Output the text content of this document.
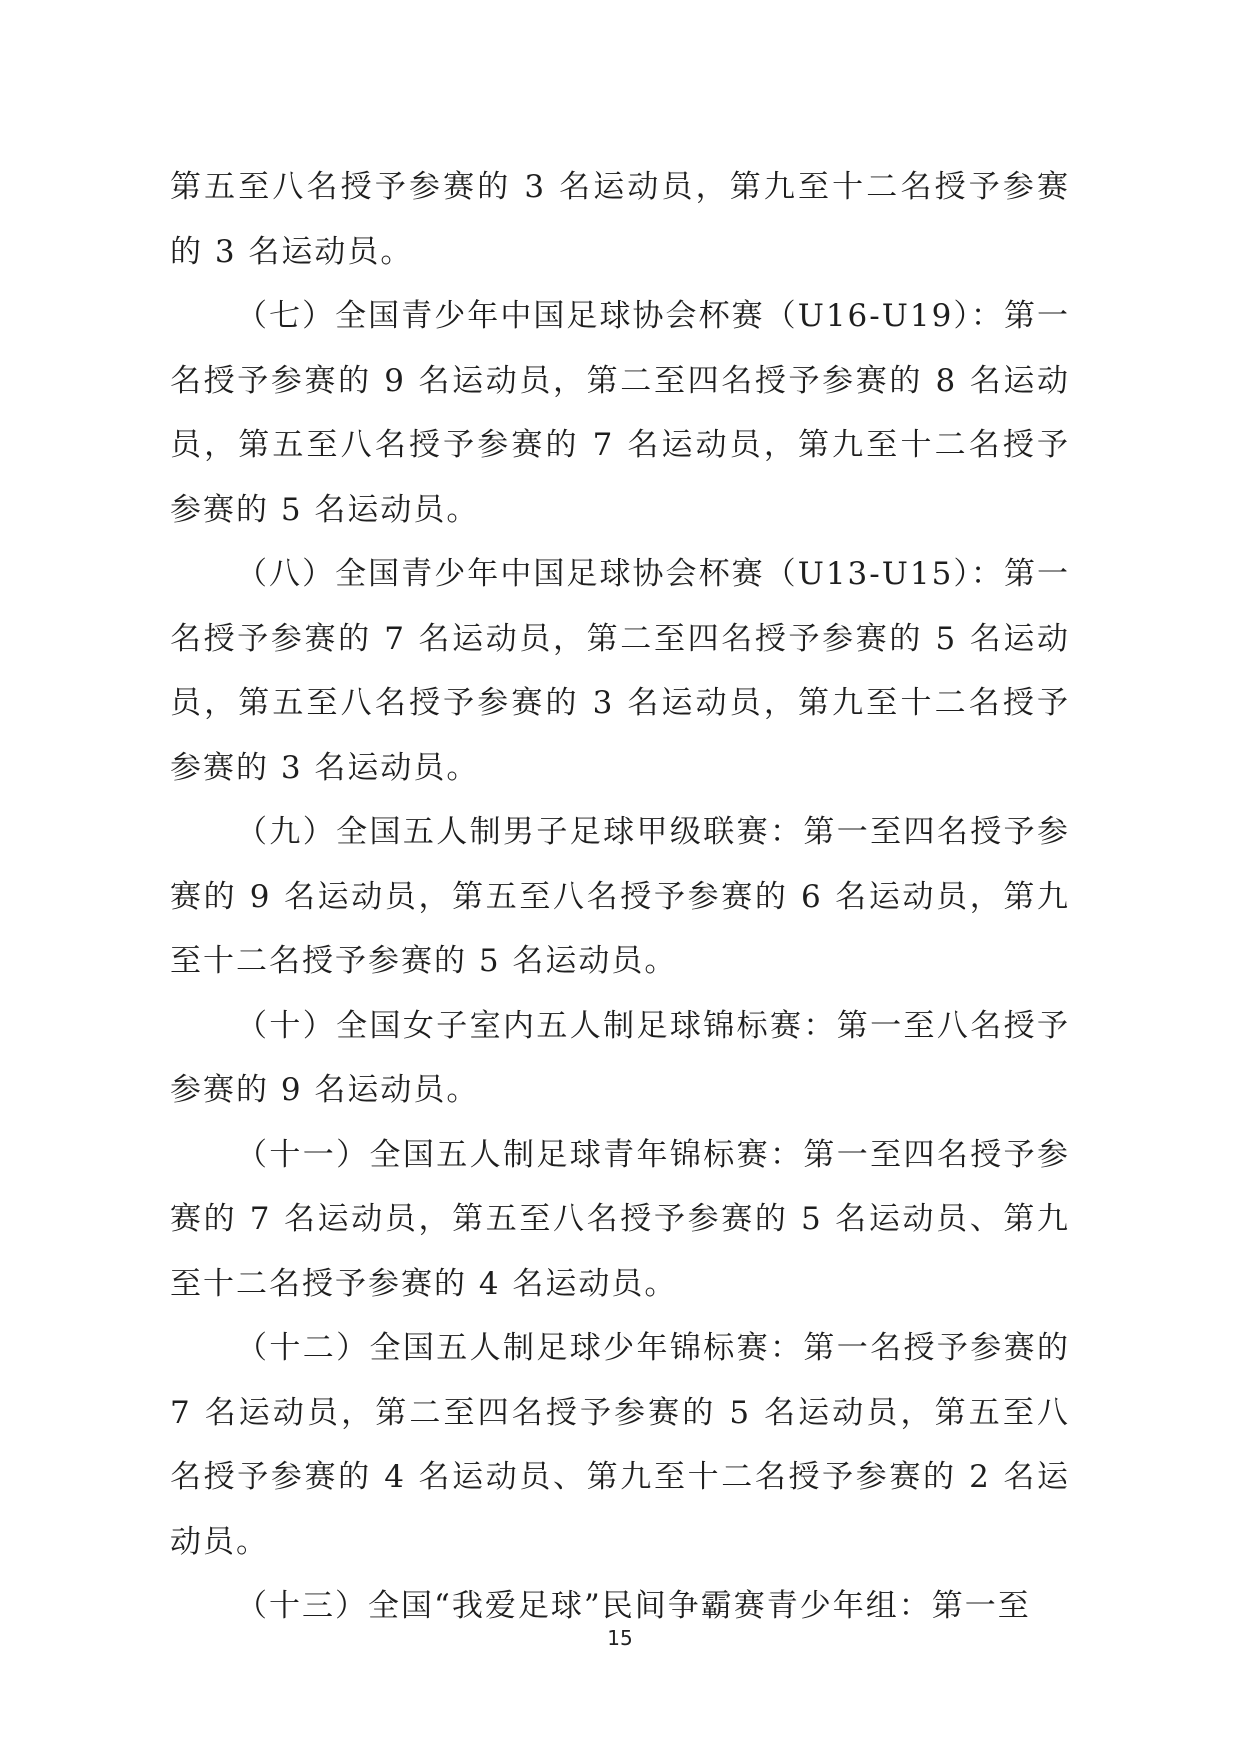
第五至八名授予参赛的 3 名运动员，第九至十二名授予参赛的 3 名运动员。

（七）全国青少年中国足球协会杯赛（U16-U19）：第一名授予参赛的 9 名运动员，第二至四名授予参赛的 8 名运动员，第五至八名授予参赛的 7 名运动员，第九至十二名授予参赛的 5 名运动员。

（八）全国青少年中国足球协会杯赛（U13-U15）：第一名授予参赛的 7 名运动员，第二至四名授予参赛的 5 名运动员，第五至八名授予参赛的 3 名运动员，第九至十二名授予参赛的 3 名运动员。

（九）全国五人制男子足球甲级联赛：第一至四名授予参赛的 9 名运动员，第五至八名授予参赛的 6 名运动员，第九至十二名授予参赛的 5 名运动员。

（十）全国女子室内五人制足球锦标赛：第一至八名授予参赛的 9 名运动员。

（十一）全国五人制足球青年锦标赛：第一至四名授予参赛的 7 名运动员，第五至八名授予参赛的 5 名运动员、第九至十二名授予参赛的 4 名运动员。

（十二）全国五人制足球少年锦标赛：第一名授予参赛的 7 名运动员，第二至四名授予参赛的 5 名运动员，第五至八名授予参赛的 4 名运动员、第九至十二名授予参赛的 2 名运动员。

（十三）全国“我爱足球”民间争霸赛青少年组：第一至

15
